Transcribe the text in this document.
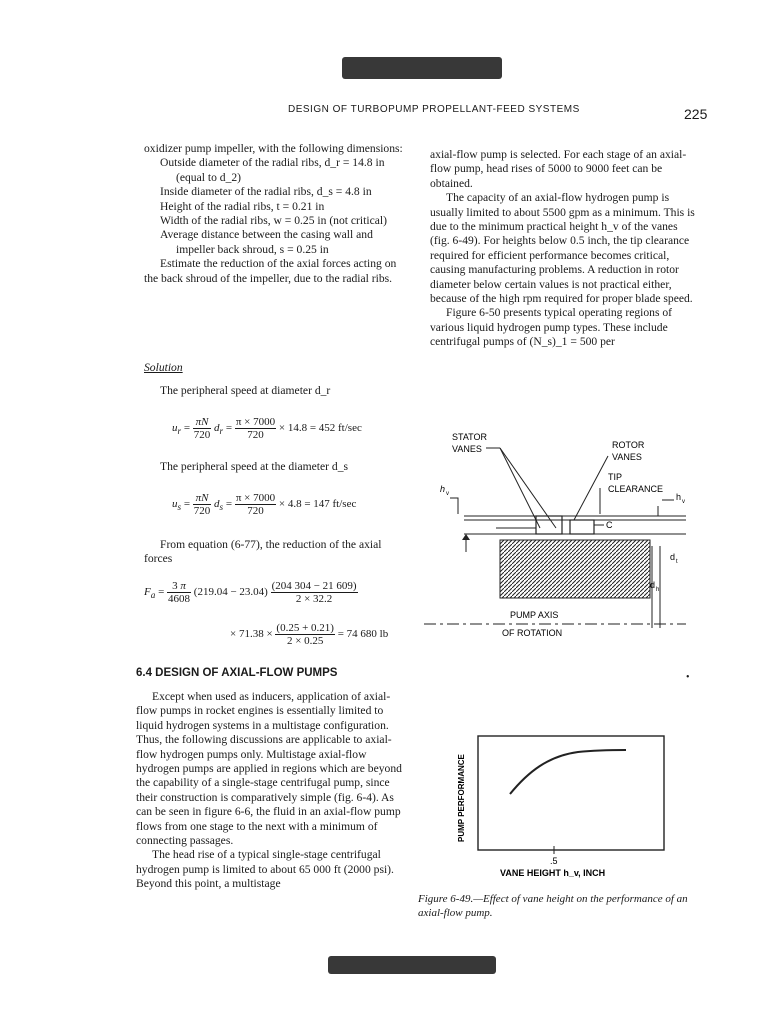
DESIGN OF TURBOPUMP PROPELLANT-FEED SYSTEMS	225

oxidizer pump impeller, with the following dimensions:

Outside diameter of the radial ribs, d_r = 14.8 in (equal to d_2)

Inside diameter of the radial ribs, d_s = 4.8 in

Height of the radial ribs, t = 0.21 in

Width of the radial ribs, w = 0.25 in (not critical)

Average distance between the casing wall and impeller back shroud, s = 0.25 in

Estimate the reduction of the axial forces acting on the back shroud of the impeller, due to the radial ribs.

Solution
The peripheral speed at diameter d_r
$u_r = \frac{\pi N}{720} d_r = \frac{\pi \times 7000}{720} \times 14.8 = 452$ ft/sec
The peripheral speed at the diameter d_s
$u_s = \frac{\pi N}{720} d_s = \frac{\pi \times 7000}{720} \times 4.8 = 147$ ft/sec
From equation (6-77), the reduction of the axial forces
$F_a = \frac{3 \pi}{4608} (219.04 - 23.04) \frac{(204 304 - 21 609)}{2 \times 32.2}$
× $71.38 \times \frac{(0.25 + 0.21)}{2 \times 0.25} = 74$ 680 lb
6.4 DESIGN OF AXIAL-FLOW PUMPS

Except when used as inducers, application of axial-flow pumps in rocket engines is essentially limited to liquid hydrogen systems in a multistage configuration. Thus, the following discussions are applicable to axial-flow hydrogen pumps only. Multistage axial-flow hydrogen pumps are applied in regions which are beyond the capability of a single-stage centrifugal pump, since their construction is comparatively simple (fig. 6-4). As can be seen in figure 6-6, the fluid in an axial-flow pump flows from one stage to the next with a minimum of connecting passages.

The head rise of a typical single-stage centrifugal hydrogen pump is limited to about 65 000 ft (2000 psi). Beyond this point, a multistage

axial-flow pump is selected. For each stage of an axial-flow pump, head rises of 5000 to 9000 feet can be obtained.

The capacity of an axial-flow hydrogen pump is usually limited to about 5500 gpm as a minimum. This is due to the minimum practical height h_v of the vanes (fig. 6-49). For heights below 0.5 inch, the tip clearance required for efficient performance becomes critical, causing manufacturing problems. A reduction in rotor diameter below certain values is not practical either, because of the high rpm required for proper blade speed.

Figure 6-50 presents typical operating regions of various liquid hydrogen pump types. These include centrifugal pumps of (N_s)_1 = 500 per

STATOR
VANES	ROTOR
VANES
TIP
CLEARANCE
h v
C
h v
d t
d h
PUMP AXIS
OF ROTATION
•
PUMP PERFORMANCE
.5
VANE HEIGHT h_v, INCH
Figure 6-49.—Effect of vane height on the performance of an axial-flow pump.
